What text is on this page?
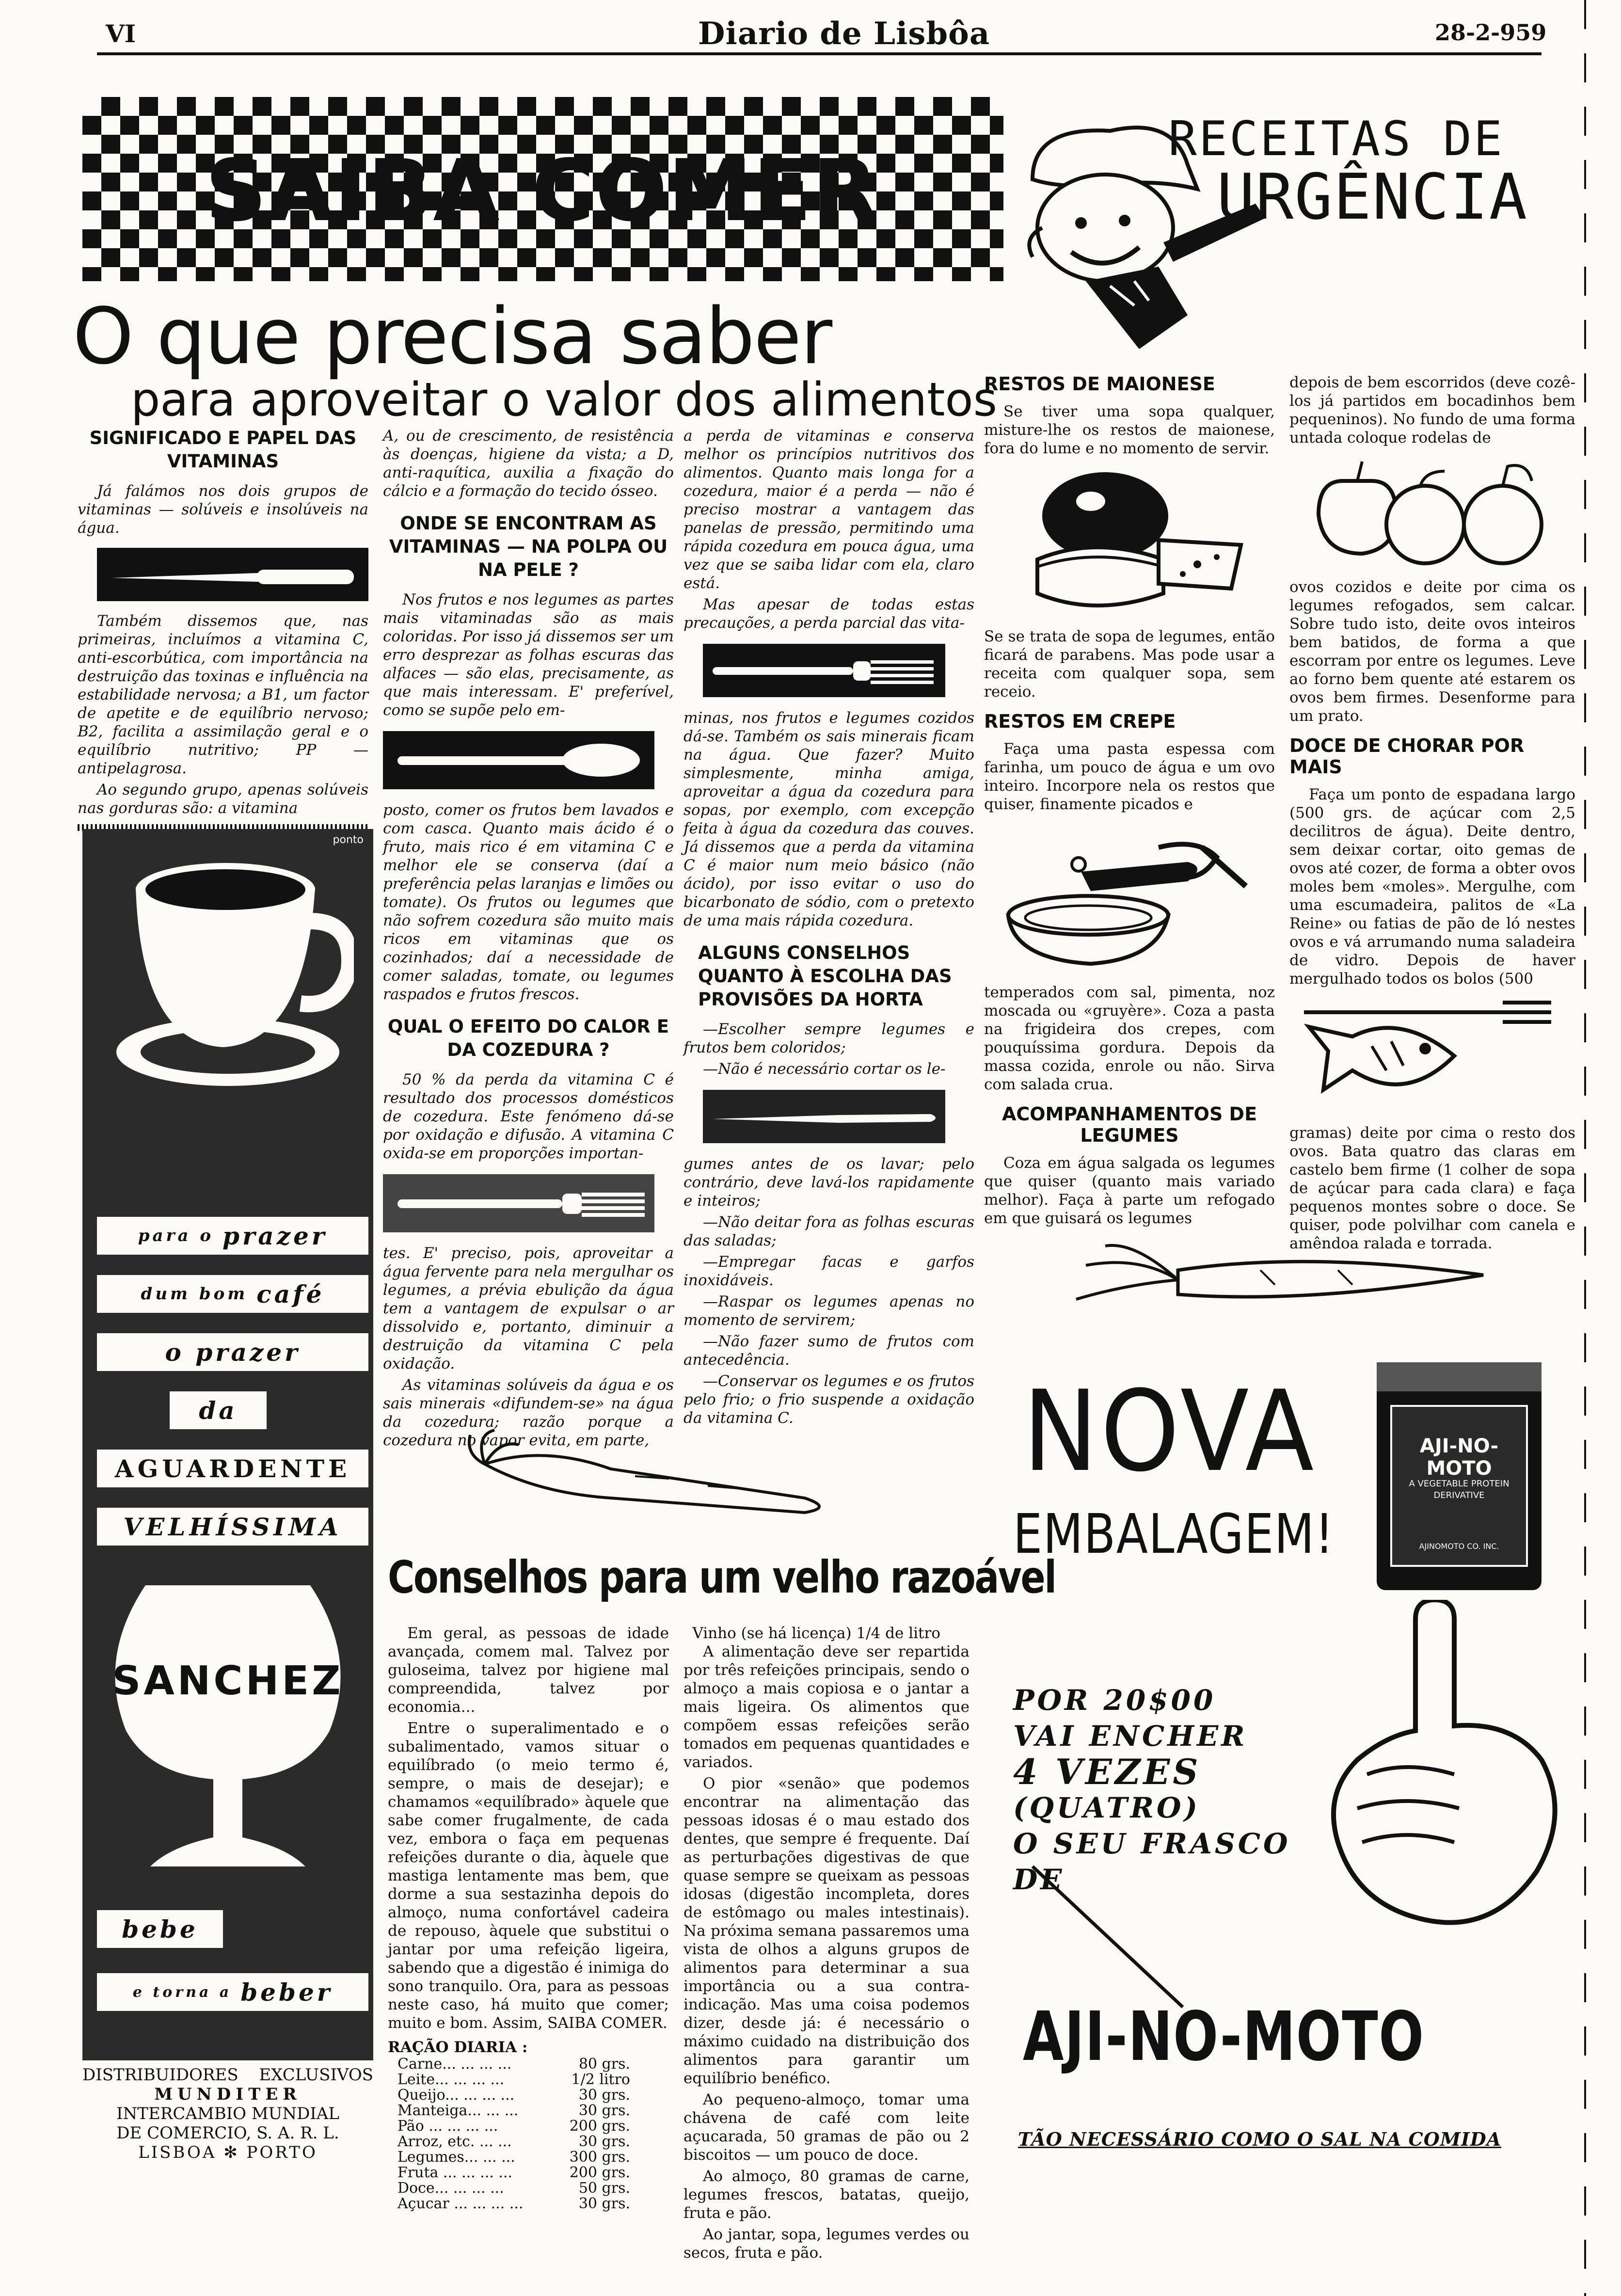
VI	Diario de Lisbôa	28-2-959
SAIBA COMER
O que precisa saber
para aproveitar o valor dos alimentos
SIGNIFICADO E PAPEL DAS VITAMINAS

Já falámos nos dois grupos de vitaminas — solúveis e insolúveis na água.

Também dissemos que, nas primeiras, incluímos a vitamina C, anti-escorbútica, com importância na destruição das toxinas e influência na estabilidade nervosa; a B1, um factor de apetite e de equilíbrio nervoso; B2, facilita a assimilação geral e o equilíbrio nutritivo; PP — antipelagrosa.

Ao segundo grupo, apenas solúveis nas gorduras são: a vitamina

A, ou de crescimento, de resistência às doenças, higiene da vista; a D, anti-raquítica, auxilia a fixação do cálcio e a formação do tecido ósseo.

ONDE SE ENCONTRAM AS VITAMINAS — NA POLPA OU NA PELE ?

Nos frutos e nos legumes as partes mais vitaminadas são as mais coloridas. Por isso já dissemos ser um erro desprezar as folhas escuras das alfaces — são elas, precisamente, as que mais interessam. E' preferível, como se supõe pelo em-

posto, comer os frutos bem lavados e com casca. Quanto mais ácido é o fruto, mais rico é em vitamina C e melhor ele se conserva (daí a preferência pelas laranjas e limões ou tomate). Os frutos ou legumes que não sofrem cozedura são muito mais ricos em vitaminas que os cozinhados; daí a necessidade de comer saladas, tomate, ou legumes raspados e frutos frescos.

QUAL O EFEITO DO CALOR E DA COZEDURA ?

50 % da perda da vitamina C é resultado dos processos domésticos de cozedura. Este fenómeno dá-se por oxidação e difusão. A vitamina C oxida-se em proporções importan-

tes. E' preciso, pois, aproveitar a água fervente para nela mergulhar os legumes, a prévia ebulição da água tem a vantagem de expulsar o ar dissolvido e, portanto, diminuir a destruição da vitamina C pela oxidação.

As vitaminas solúveis da água e os sais minerais «difundem-se» na água da cozedura; razão porque a cozedura no vapor evita, em parte,

a perda de vitaminas e conserva melhor os princípios nutritivos dos alimentos. Quanto mais longa for a cozedura, maior é a perda — não é preciso mostrar a vantagem das panelas de pressão, permitindo uma rápida cozedura em pouca água, uma vez que se saiba lidar com ela, claro está.

Mas apesar de todas estas precauções, a perda parcial das vita-

minas, nos frutos e legumes cozidos dá-se. Também os sais minerais ficam na água. Que fazer? Muito simplesmente, minha amiga, aproveitar a água da cozedura para sopas, por exemplo, com excepção feita à água da cozedura das couves. Já dissemos que a perda da vitamina C é maior num meio básico (não ácido), por isso evitar o uso do bicarbonato de sódio, com o pretexto de uma mais rápida cozedura.

ALGUNS CONSELHOS QUANTO À ESCOLHA DAS PROVISÕES DA HORTA

—Escolher sempre legumes e frutos bem coloridos;

—Não é necessário cortar os le-

gumes antes de os lavar; pelo contrário, deve lavá-los rapidamente e inteiros;

—Não deitar fora as folhas escuras das saladas;

—Empregar facas e garfos inoxidáveis.

—Raspar os legumes apenas no momento de servirem;

—Não fazer sumo de frutos com antecedência.

—Conservar os legumes e os frutos pelo frio; o frio suspende a oxidação da vitamina C.

ponto
para o prazer
dum bom café
o prazer
da
AGUARDENTE
VELHÍSSIMA
SANCHEZ
bebe
e torna a beber
DISTRIBUIDORES EXCLUSIVOS
MUNDITER
INTERCAMBIO MUNDIAL
DE COMERCIO, S. A. R. L.
LISBOA ✻ PORTO
Conselhos para um velho razoável

Em geral, as pessoas de idade avançada, comem mal. Talvez por guloseima, talvez por higiene mal compreendida, talvez por economia...

Entre o superalimentado e o subalimentado, vamos situar o equilíbrado (o meio termo é, sempre, o mais de desejar); e chamamos «equilíbrado» àquele que sabe comer frugalmente, de cada vez, embora o faça em pequenas refeições durante o dia, àquele que mastiga lentamente mas bem, que dorme a sua sestazinha depois do almoço, numa confortável cadeira de repouso, àquele que substitui o jantar por uma refeição ligeira, sabendo que a digestão é inimiga do sono tranquilo. Ora, para as pessoas neste caso, há muito que comer; muito e bom. Assim, SAIBA COMER.

RAÇÃO DIARIA :
Carne... ... ... ...	80 grs.
Leite... ... ... ...	1/2 litro
Queijo... ... ... ...	30 grs.
Manteiga... ... ...	30 grs.
Pão ... ... ... ...	200 grs.
Arroz, etc. ... ...	30 grs.
Legumes... ... ...	300 grs.
Fruta ... ... ... ...	200 grs.
Doce... ... ... ...	50 grs.
Açucar ... ... ... ...	30 grs.
Vinho (se há licença) 1/4 de litro

A alimentação deve ser repartida por três refeições principais, sendo o almoço a mais copiosa e o jantar a mais ligeira. Os alimentos que compõem essas refeições serão tomados em pequenas quantidades e variados.

O pior «senão» que podemos encontrar na alimentação das pessoas idosas é o mau estado dos dentes, que sempre é frequente. Daí as perturbações digestivas de que quase sempre se queixam as pessoas idosas (digestão incompleta, dores de estômago ou males intestinais). Na próxima semana passaremos uma vista de olhos a alguns grupos de alimentos para determinar a sua importância ou a sua contra-indicação. Mas uma coisa podemos dizer, desde já: é necessário o máximo cuidado na distribuição dos alimentos para garantir um equilíbrio benéfico.

Ao pequeno-almoço, tomar uma chávena de café com leite açucarada, 50 gramas de pão ou 2 biscoitos — um pouco de doce.

Ao almoço, 80 gramas de carne, legumes frescos, batatas, queijo, fruta e pão.

Ao jantar, sopa, legumes verdes ou secos, fruta e pão.

RECEITAS DE
URGÊNCIA
RESTOS DE MAIONESE

Se tiver uma sopa qualquer, misture-lhe os restos de maionese, fora do lume e no momento de servir.

Se se trata de sopa de legumes, então ficará de parabens. Mas pode usar a receita com qualquer sopa, sem receio.

RESTOS EM CREPE

Faça uma pasta espessa com farinha, um pouco de água e um ovo inteiro. Incorpore nela os restos que quiser, finamente picados e

temperados com sal, pimenta, noz moscada ou «gruyère». Coza a pasta na frigideira dos crepes, com pouquíssima gordura. Depois da massa cozida, enrole ou não. Sirva com salada crua.

ACOMPANHAMENTOS DE LEGUMES

Coza em água salgada os legumes que quiser (quanto mais variado melhor). Faça à parte um refogado em que guisará os legumes

depois de bem escorridos (deve cozê-los já partidos em bocadinhos bem pequeninos). No fundo de uma forma untada coloque rodelas de

ovos cozidos e deite por cima os legumes refogados, sem calcar. Sobre tudo isto, deite ovos inteiros bem batidos, de forma a que escorram por entre os legumes. Leve ao forno bem quente até estarem os ovos bem firmes. Desenforme para um prato.

DOCE DE CHORAR POR MAIS

Faça um ponto de espadana largo (500 grs. de açúcar com 2,5 decilitros de água). Deite dentro, sem deixar cortar, oito gemas de ovos até cozer, de forma a obter ovos moles bem «moles». Mergulhe, com uma escumadeira, palitos de «La Reine» ou fatias de pão de ló nestes ovos e vá arrumando numa saladeira de vidro. Depois de haver mergulhado todos os bolos (500

gramas) deite por cima o resto dos ovos. Bata quatro das claras em castelo bem firme (1 colher de sopa de açúcar para cada clara) e faça pequenos montes sobre o doce. Se quiser, pode polvilhar com canela e amêndoa ralada e torrada.

NOVA
EMBALAGEM!
AJI-NO-MOTO
A VEGETABLE PROTEIN
DERIVATIVE
AJINOMOTO CO. INC.
POR 20$00
VAI ENCHER
4 VEZES
(QUATRO)
O SEU FRASCO
DE
AJI-NO-MOTO
TÃO NECESSÁRIO COMO O SAL NA COMIDA
